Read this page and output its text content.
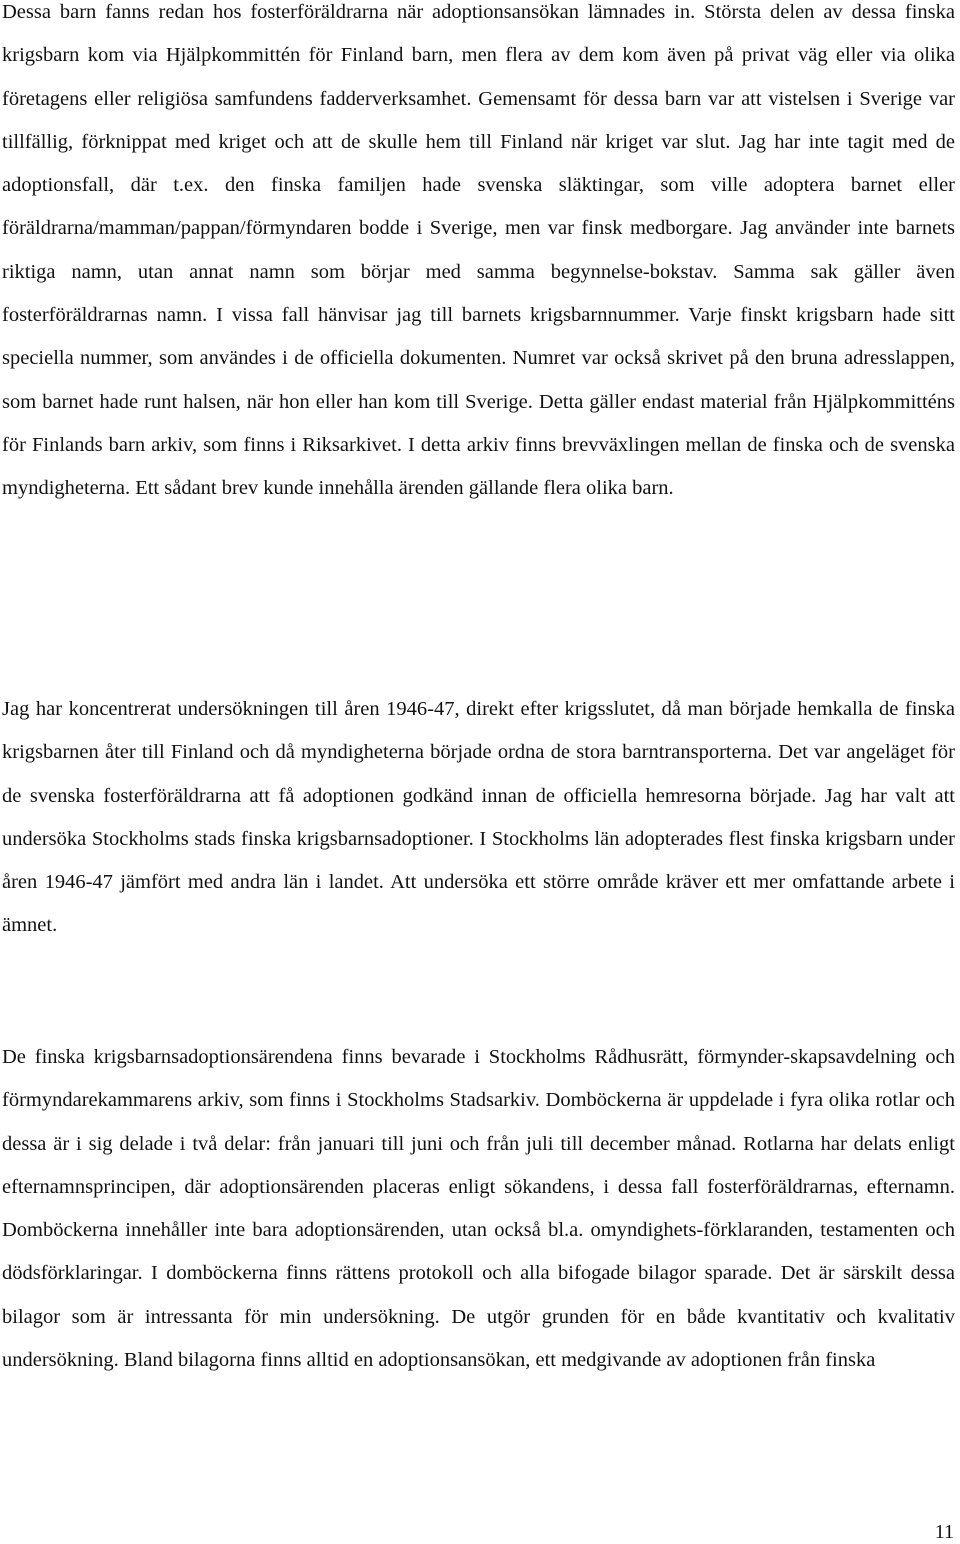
Dessa barn fanns redan hos fosterföräldrarna när adoptionsansökan lämnades in. Största delen av dessa finska krigsbarn kom via Hjälpkommittén för Finland barn, men flera av dem kom även på privat väg eller via olika företagens eller religiösa samfundens fadderverksamhet. Gemensamt för dessa barn var att vistelsen i Sverige var tillfällig, förknippat med kriget och att de skulle hem till Finland när kriget var slut. Jag har inte tagit med de adoptionsfall, där t.ex. den finska familjen hade svenska släktingar, som ville adoptera barnet eller föräldrarna/mamman/pappan/förmyndaren bodde i Sverige, men var finsk medborgare. Jag använder inte barnets riktiga namn, utan annat namn som börjar med samma begynnelse-bokstav. Samma sak gäller även fosterföräldrarnas namn. I vissa fall hänvisar jag till barnets krigsbarnnummer. Varje finskt krigsbarn hade sitt speciella nummer, som användes i de officiella dokumenten. Numret var också skrivet på den bruna adresslappen, som barnet hade runt halsen, när hon eller han kom till Sverige. Detta gäller endast material från Hjälpkommitténs för Finlands barn arkiv, som finns i Riksarkivet. I detta arkiv finns brevväxlingen mellan de finska och de svenska myndigheterna. Ett sådant brev kunde innehålla ärenden gällande flera olika barn.

Jag har koncentrerat undersökningen till åren 1946-47, direkt efter krigsslutet, då man började hemkalla de finska krigsbarnen åter till Finland och då myndigheterna började ordna de stora barntransporterna. Det var angeläget för de svenska fosterföräldrarna att få adoptionen godkänd innan de officiella hemresorna började. Jag har valt att undersöka Stockholms stads finska krigsbarnsadoptioner. I Stockholms län adopterades flest finska krigsbarn under åren 1946-47 jämfört med andra län i landet. Att undersöka ett större område kräver ett mer omfattande arbete i ämnet.

De finska krigsbarnsadoptionsärendena finns bevarade i Stockholms Rådhusrätt, förmynder-skapsavdelning och förmyndarekammarens arkiv, som finns i Stockholms Stadsarkiv. Domböckerna är uppdelade i fyra olika rotlar och dessa är i sig delade i två delar: från januari till juni och från juli till december månad. Rotlarna har delats enligt efternamnsprincipen, där adoptionsärenden placeras enligt sökandens, i dessa fall fosterföräldrarnas, efternamn. Domböckerna innehåller inte bara adoptionsärenden, utan också bl.a. omyndighets-förklaranden, testamenten och dödsförklaringar. I domböckerna finns rättens protokoll och alla bifogade bilagor sparade. Det är särskilt dessa bilagor som är intressanta för min undersökning. De utgör grunden för en både kvantitativ och kvalitativ undersökning. Bland bilagorna finns alltid en adoptionsansökan, ett medgivande av adoptionen från finska

11
